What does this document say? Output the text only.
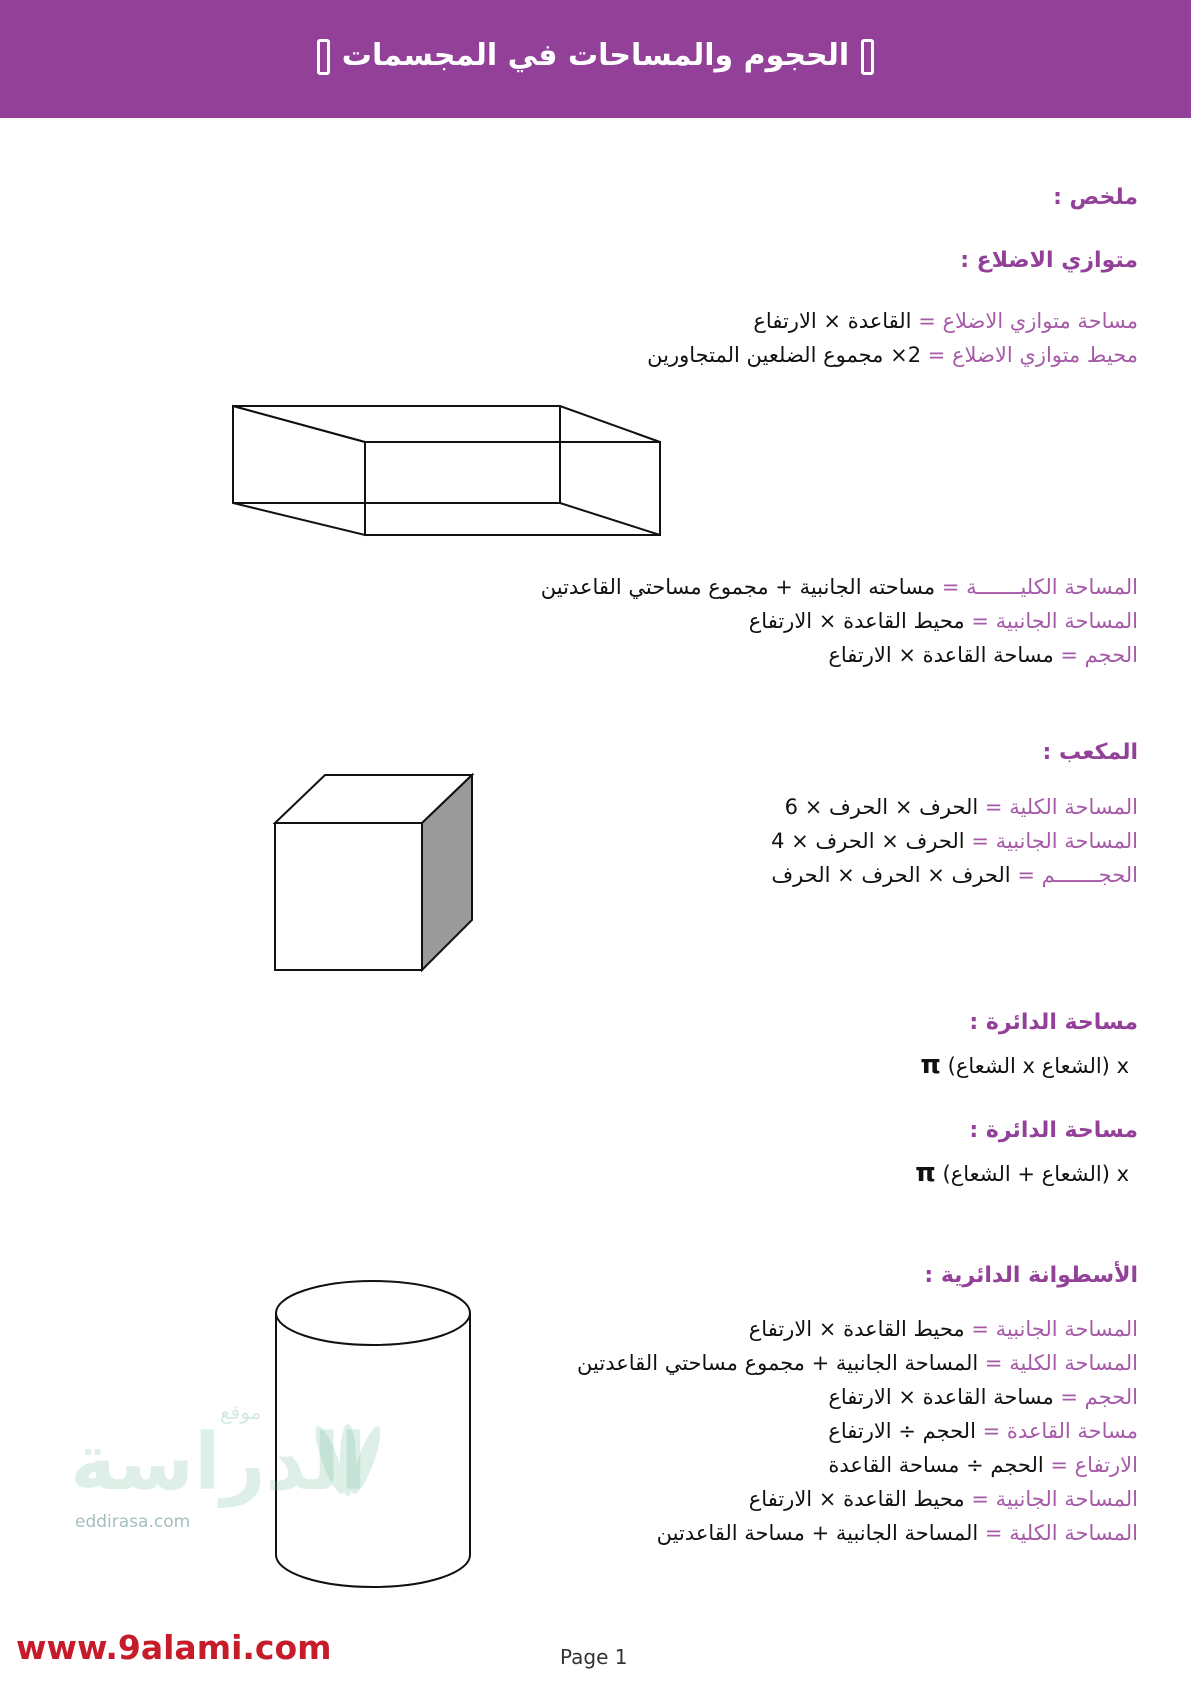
الحجوم والمساحات في المجسمات
ملخص :
متوازي الاضلاع :
مساحة متوازي الاضلاع = القاعدة × الارتفاع
محيط متوازي الاضلاع = 2× مجموع الضلعين المتجاورين
المساحة الكليـــــــة = مساحته الجانبية + مجموع مساحتي القاعدتين
المساحة الجانبية = محيط القاعدة × الارتفاع
الحجم = مساحة القاعدة × الارتفاع
المكعب :
المساحة الكلية = الحرف × الحرف × 6
المساحة الجانبية = الحرف × الحرف × 4
الحجـــــــم = الحرف × الحرف × الحرف
مساحة الدائرة :
x (الشعاع x الشعاع) π
مساحة الدائرة :
x (الشعاع + الشعاع) π
الأسطوانة الدائرية :
المساحة الجانبية = محيط القاعدة × الارتفاع
المساحة الكلية = المساحة الجانبية + مجموع مساحتي القاعدتين
الحجم = مساحة القاعدة × الارتفاع
مساحة القاعدة = الحجم ÷ الارتفاع
الارتفاع = الحجم ÷ مساحة القاعدة
المساحة الجانبية = محيط القاعدة × الارتفاع
المساحة الكلية = المساحة الجانبية + مساحة القاعدتين
موقع
الدراسة
eddirasa.com
www.9alami.com	Page 1
